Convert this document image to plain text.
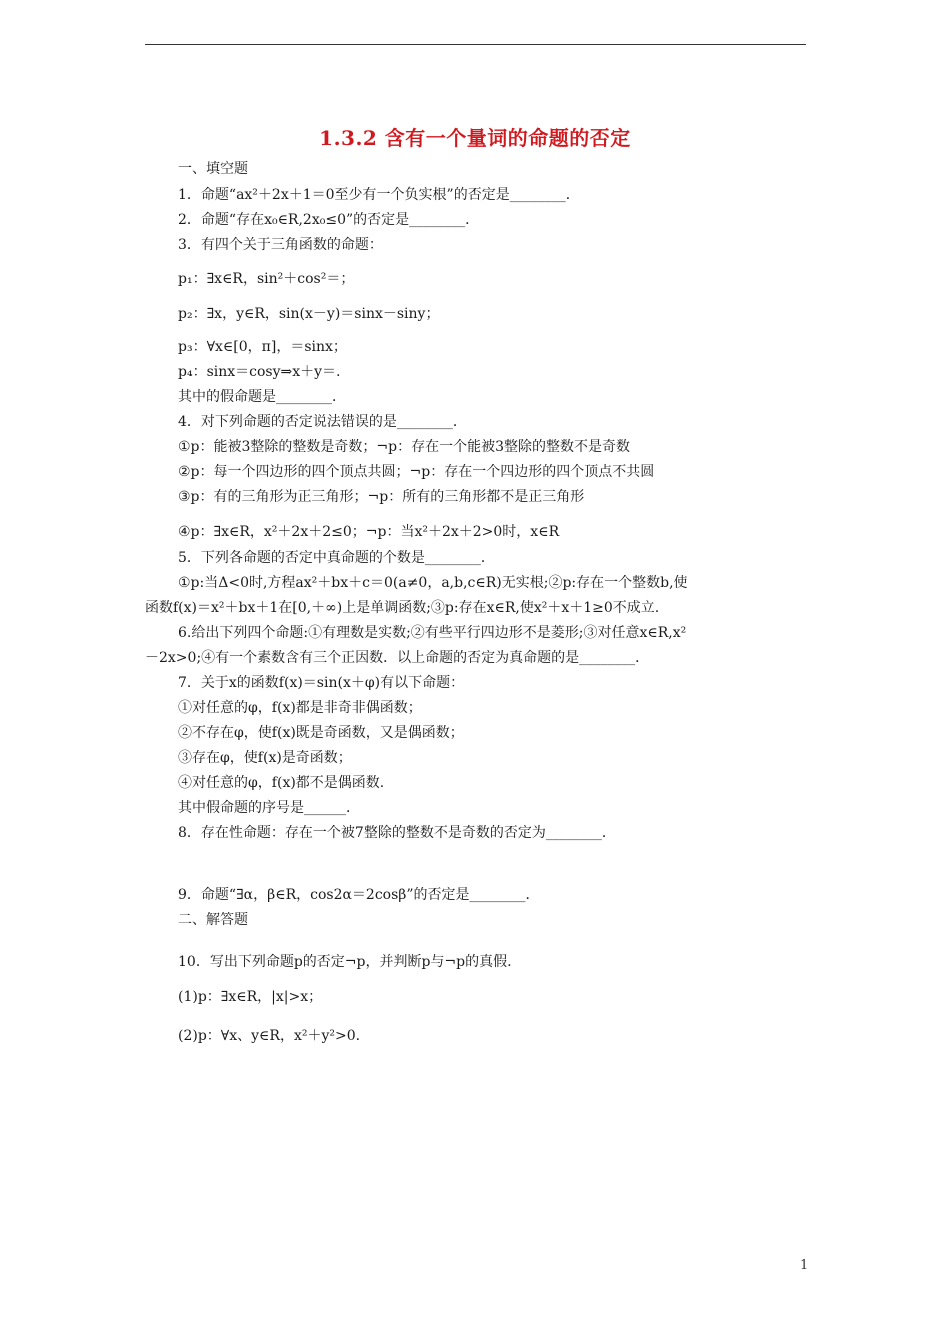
1.3.2 含有一个量词的命题的否定
一、填空题
1．命题“ax²＋2x＋1＝0至少有一个负实根”的否定是________．
2．命题“存在x₀∈R,2x₀≤0”的否定是________．
3．有四个关于三角函数的命题：
p₁：∃x∈R，sin²＋cos²＝；
p₂：∃x，y∈R，sin(x－y)＝sinx－siny；
p₃：∀x∈[0，π]，＝sinx；
p₄：sinx＝cosy⇒x＋y＝.
其中的假命题是________．
4．对下列命题的否定说法错误的是________．
①p：能被3整除的整数是奇数；¬p：存在一个能被3整除的整数不是奇数
②p：每一个四边形的四个顶点共圆；¬p：存在一个四边形的四个顶点不共圆
③p：有的三角形为正三角形；¬p：所有的三角形都不是正三角形
④p：∃x∈R，x²＋2x＋2≤0；¬p：当x²＋2x＋2>0时，x∈R
5．下列各命题的否定中真命题的个数是________．
①p:当Δ<0时,方程ax²＋bx＋c＝0(a≠0，a,b,c∈R)无实根;②p:存在一个整数b,使
函数f(x)＝x²＋bx＋1在[0,＋∞)上是单调函数;③p:存在x∈R,使x²＋x＋1≥0不成立.
6.给出下列四个命题:①有理数是实数;②有些平行四边形不是菱形;③对任意x∈R,x²
－2x>0;④有一个素数含有三个正因数．以上命题的否定为真命题的是________．
7．关于x的函数f(x)＝sin(x＋φ)有以下命题：
①对任意的φ，f(x)都是非奇非偶函数；
②不存在φ，使f(x)既是奇函数，又是偶函数；
③存在φ，使f(x)是奇函数；
④对任意的φ，f(x)都不是偶函数.
其中假命题的序号是______．
8．存在性命题：存在一个被7整除的整数不是奇数的否定为________．
9．命题“∃α，β∈R，cos2α＝2cosβ”的否定是________．
二、解答题
10．写出下列命题p的否定¬p，并判断p与¬p的真假.
(1)p：∃x∈R，|x|>x；
(2)p：∀x、y∈R，x²＋y²>0.
1
